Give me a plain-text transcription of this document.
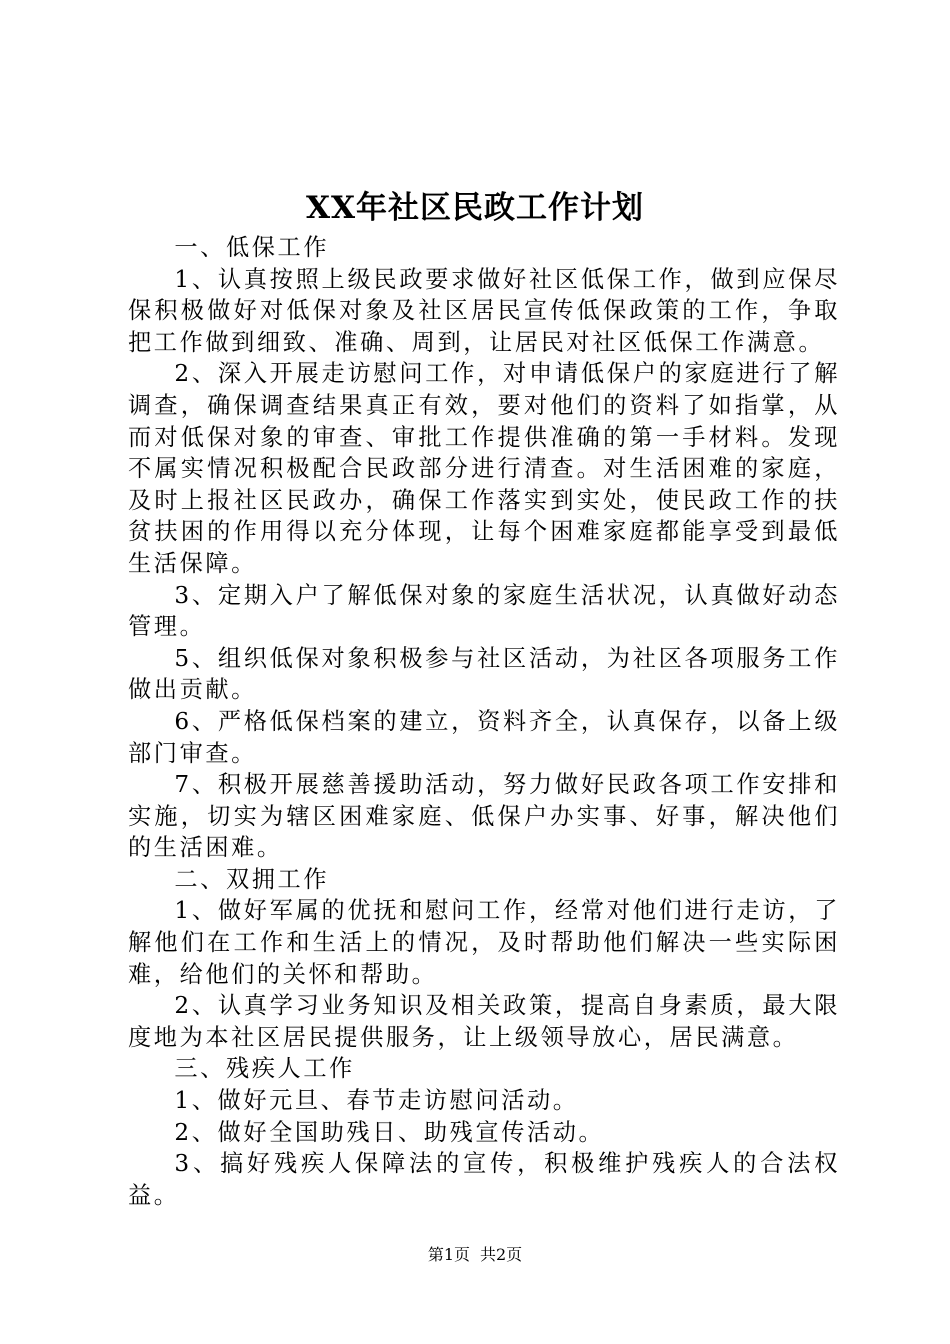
XX年社区民政工作计划

一、低保工作

1、认真按照上级民政要求做好社区低保工作，做到应保尽保积极做好对低保对象及社区居民宣传低保政策的工作，争取把工作做到细致、准确、周到，让居民对社区低保工作满意。

2、深入开展走访慰问工作，对申请低保户的家庭进行了解调查，确保调查结果真正有效，要对他们的资料了如指掌，从而对低保对象的审查、审批工作提供准确的第一手材料。发现不属实情况积极配合民政部分进行清查。对生活困难的家庭，及时上报社区民政办，确保工作落实到实处，使民政工作的扶贫扶困的作用得以充分体现，让每个困难家庭都能享受到最低生活保障。

3、定期入户了解低保对象的家庭生活状况，认真做好动态管理。

5、组织低保对象积极参与社区活动，为社区各项服务工作做出贡献。

6、严格低保档案的建立，资料齐全，认真保存，以备上级部门审查。

7、积极开展慈善援助活动，努力做好民政各项工作安排和实施，切实为辖区困难家庭、低保户办实事、好事，解决他们的生活困难。

二、双拥工作

1、做好军属的优抚和慰问工作，经常对他们进行走访，了解他们在工作和生活上的情况，及时帮助他们解决一些实际困难，给他们的关怀和帮助。

2、认真学习业务知识及相关政策，提高自身素质，最大限度地为本社区居民提供服务，让上级领导放心，居民满意。

三、残疾人工作

1、做好元旦、春节走访慰问活动。

2、做好全国助残日、助残宣传活动。

3、搞好残疾人保障法的宣传，积极维护残疾人的合法权益。

第1页 共2页
